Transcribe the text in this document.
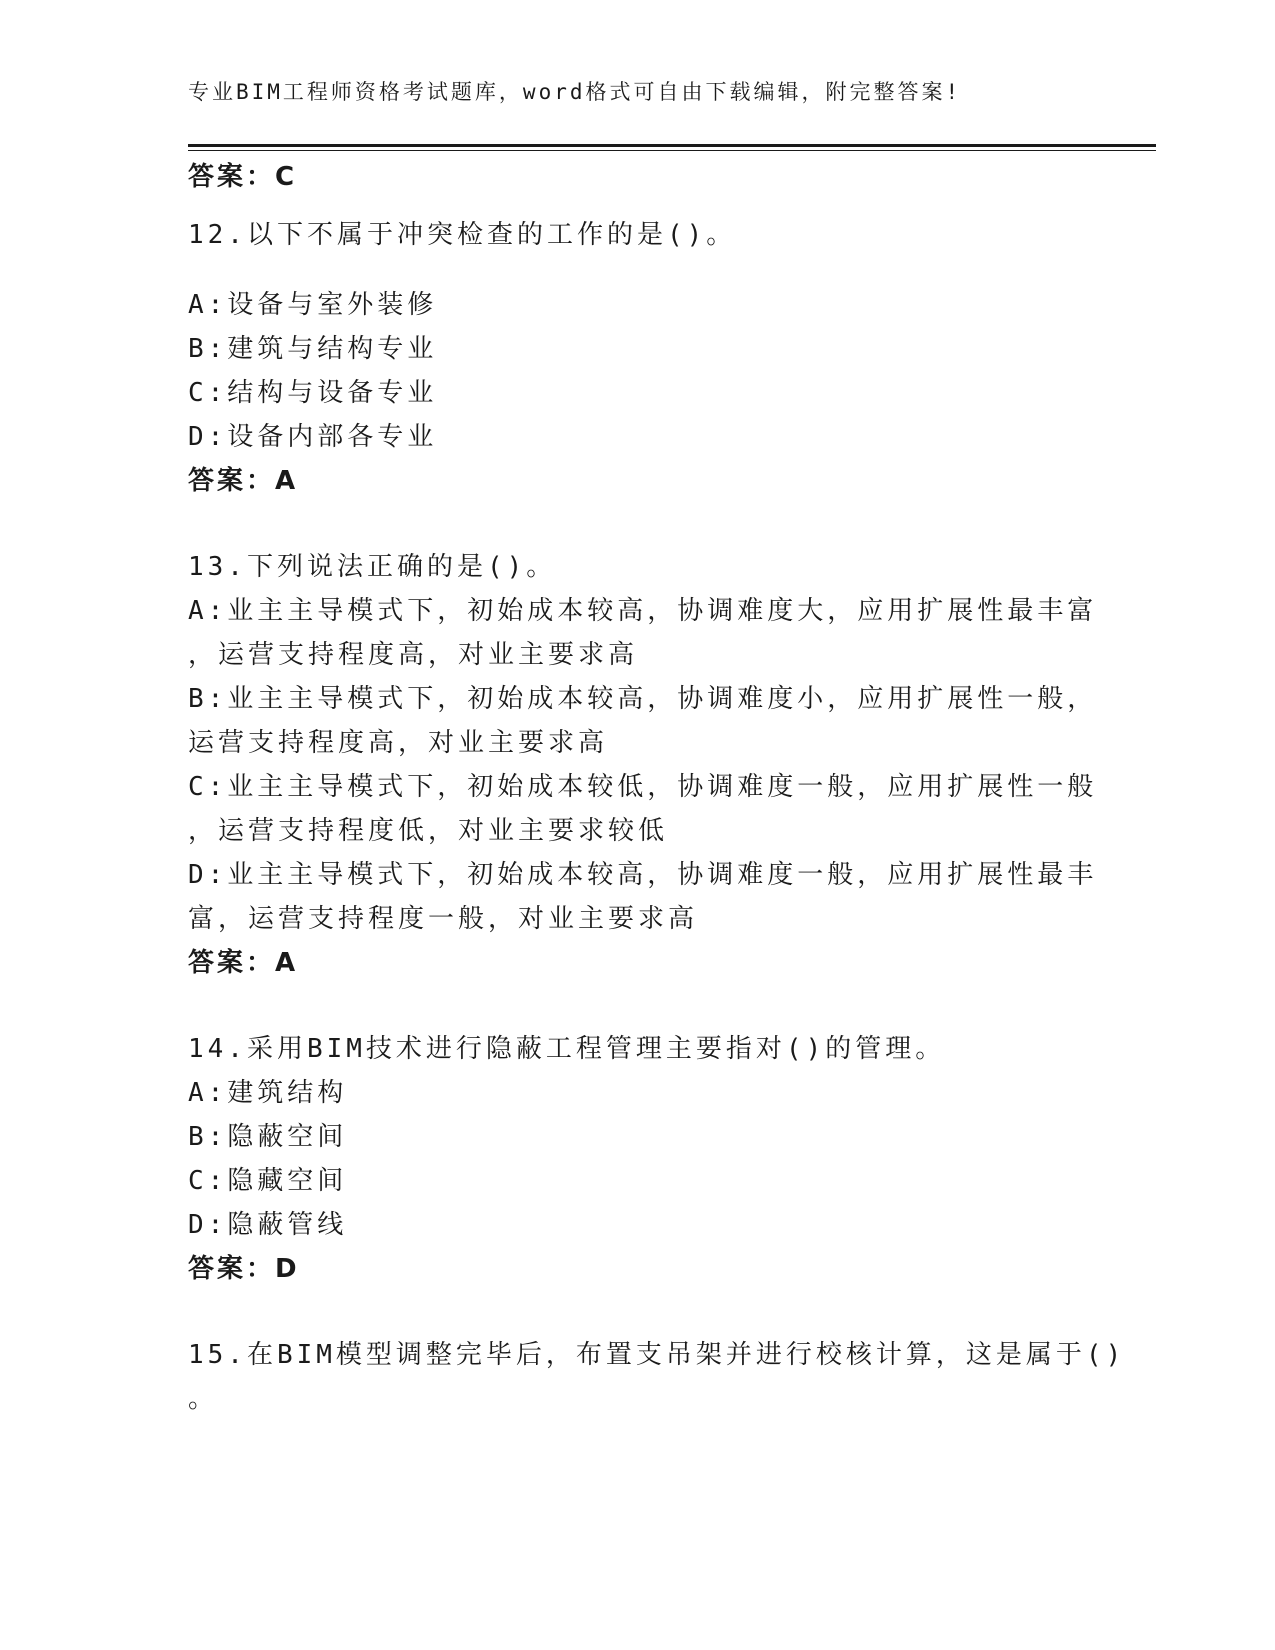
专业BIM工程师资格考试题库，word格式可自由下载编辑，附完整答案!
答案：C
12.以下不属于冲突检查的工作的是()。
A:设备与室外装修
B:建筑与结构专业
C:结构与设备专业
D:设备内部各专业
答案：A
13.下列说法正确的是()。
A:业主主导模式下，初始成本较高，协调难度大，应用扩展性最丰富
，运营支持程度高，对业主要求高
B:业主主导模式下，初始成本较高，协调难度小，应用扩展性一般，
运营支持程度高，对业主要求高
C:业主主导模式下，初始成本较低，协调难度一般，应用扩展性一般
，运营支持程度低，对业主要求较低
D:业主主导模式下，初始成本较高，协调难度一般，应用扩展性最丰
富，运营支持程度一般，对业主要求高
答案：A
14.采用BIM技术进行隐蔽工程管理主要指对()的管理。
A:建筑结构
B:隐蔽空间
C:隐藏空间
D:隐蔽管线
答案：D
15.在BIM模型调整完毕后，布置支吊架并进行校核计算，这是属于()
。
